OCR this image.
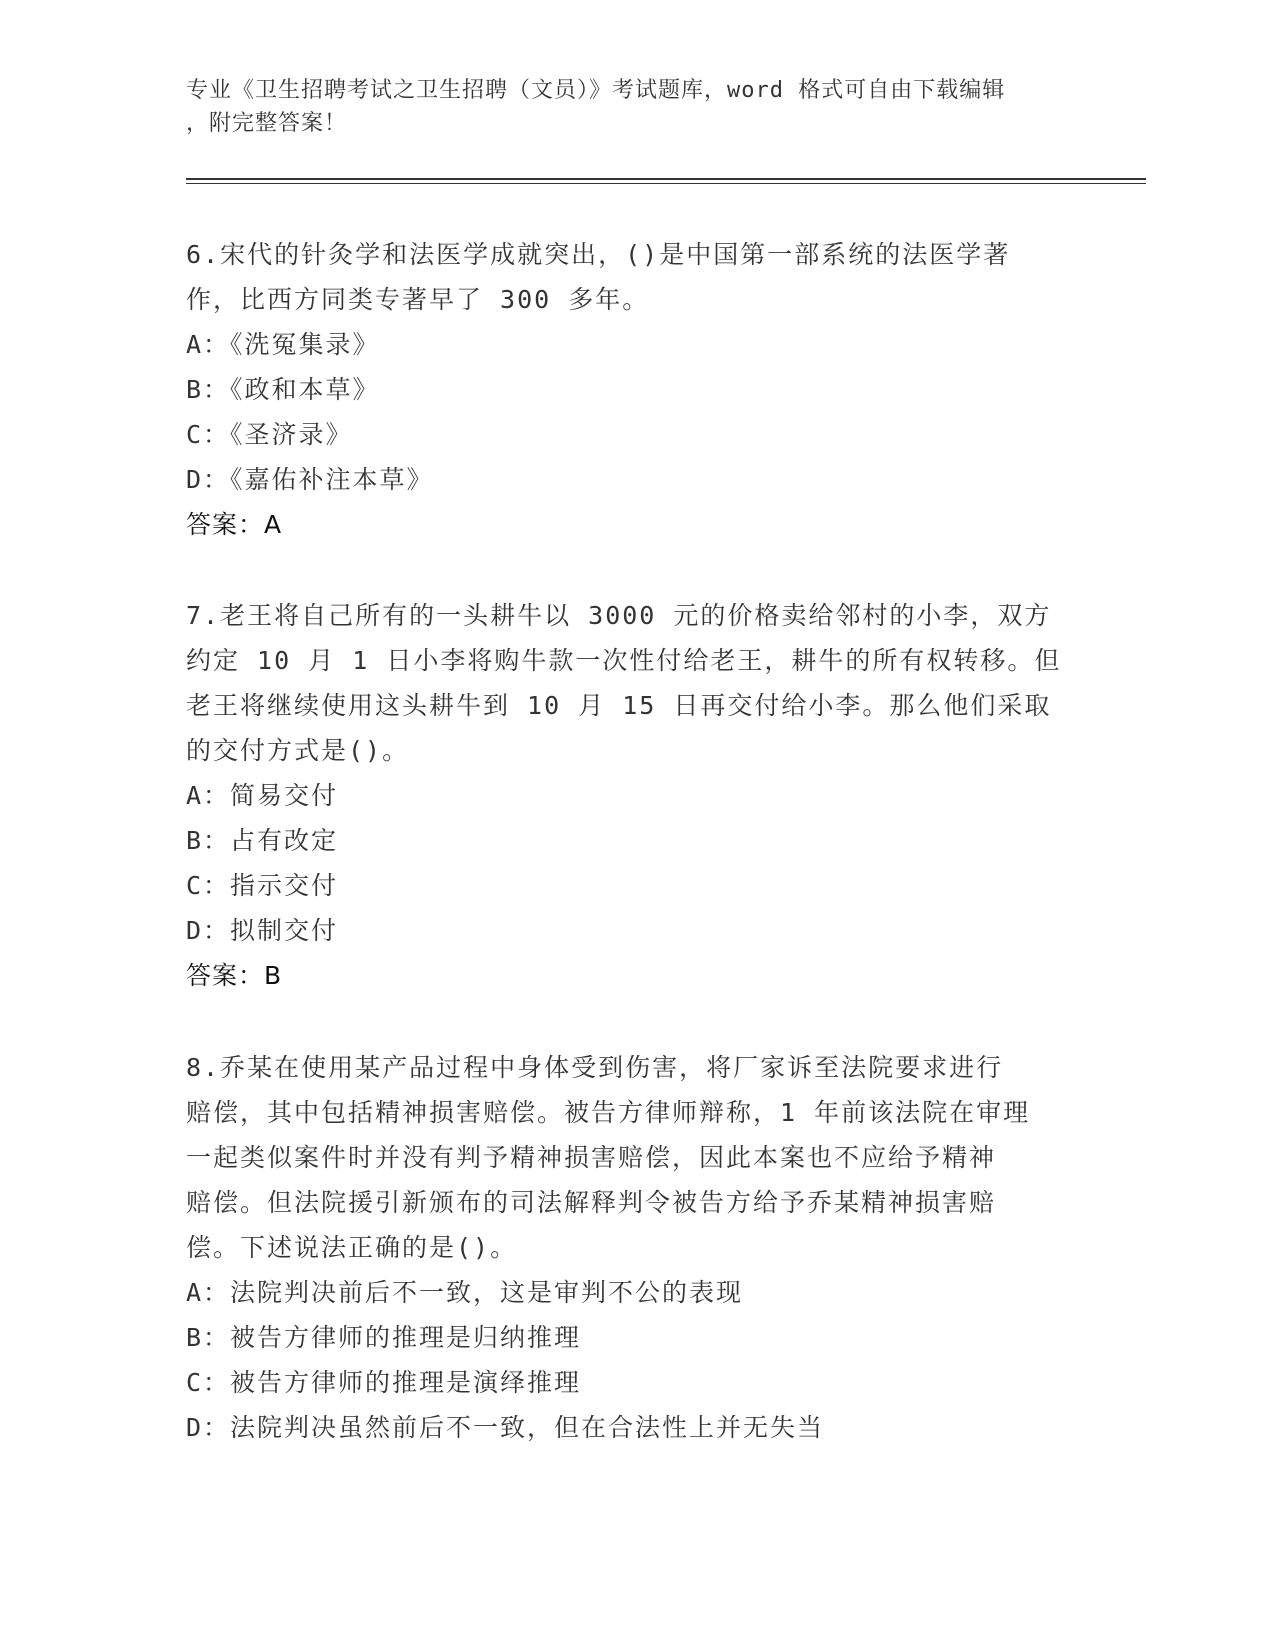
专业《卫生招聘考试之卫生招聘（文员）》考试题库，word 格式可自由下载编辑
，附完整答案！
6.宋代的针灸学和法医学成就突出，()是中国第一部系统的法医学著
作，比西方同类专著早了 300 多年。
A：《洗冤集录》
B：《政和本草》
C：《圣济录》
D：《嘉佑补注本草》
答案：A
7.老王将自己所有的一头耕牛以 3000 元的价格卖给邻村的小李，双方
约定 10 月 1 日小李将购牛款一次性付给老王，耕牛的所有权转移。但
老王将继续使用这头耕牛到 10 月 15 日再交付给小李。那么他们采取
的交付方式是()。
A：简易交付
B：占有改定
C：指示交付
D：拟制交付
答案：B
8.乔某在使用某产品过程中身体受到伤害，将厂家诉至法院要求进行
赔偿，其中包括精神损害赔偿。被告方律师辩称，1 年前该法院在审理
一起类似案件时并没有判予精神损害赔偿，因此本案也不应给予精神
赔偿。但法院援引新颁布的司法解释判令被告方给予乔某精神损害赔
偿。下述说法正确的是()。
A：法院判决前后不一致，这是审判不公的表现
B：被告方律师的推理是归纳推理
C：被告方律师的推理是演绎推理
D：法院判决虽然前后不一致，但在合法性上并无失当
